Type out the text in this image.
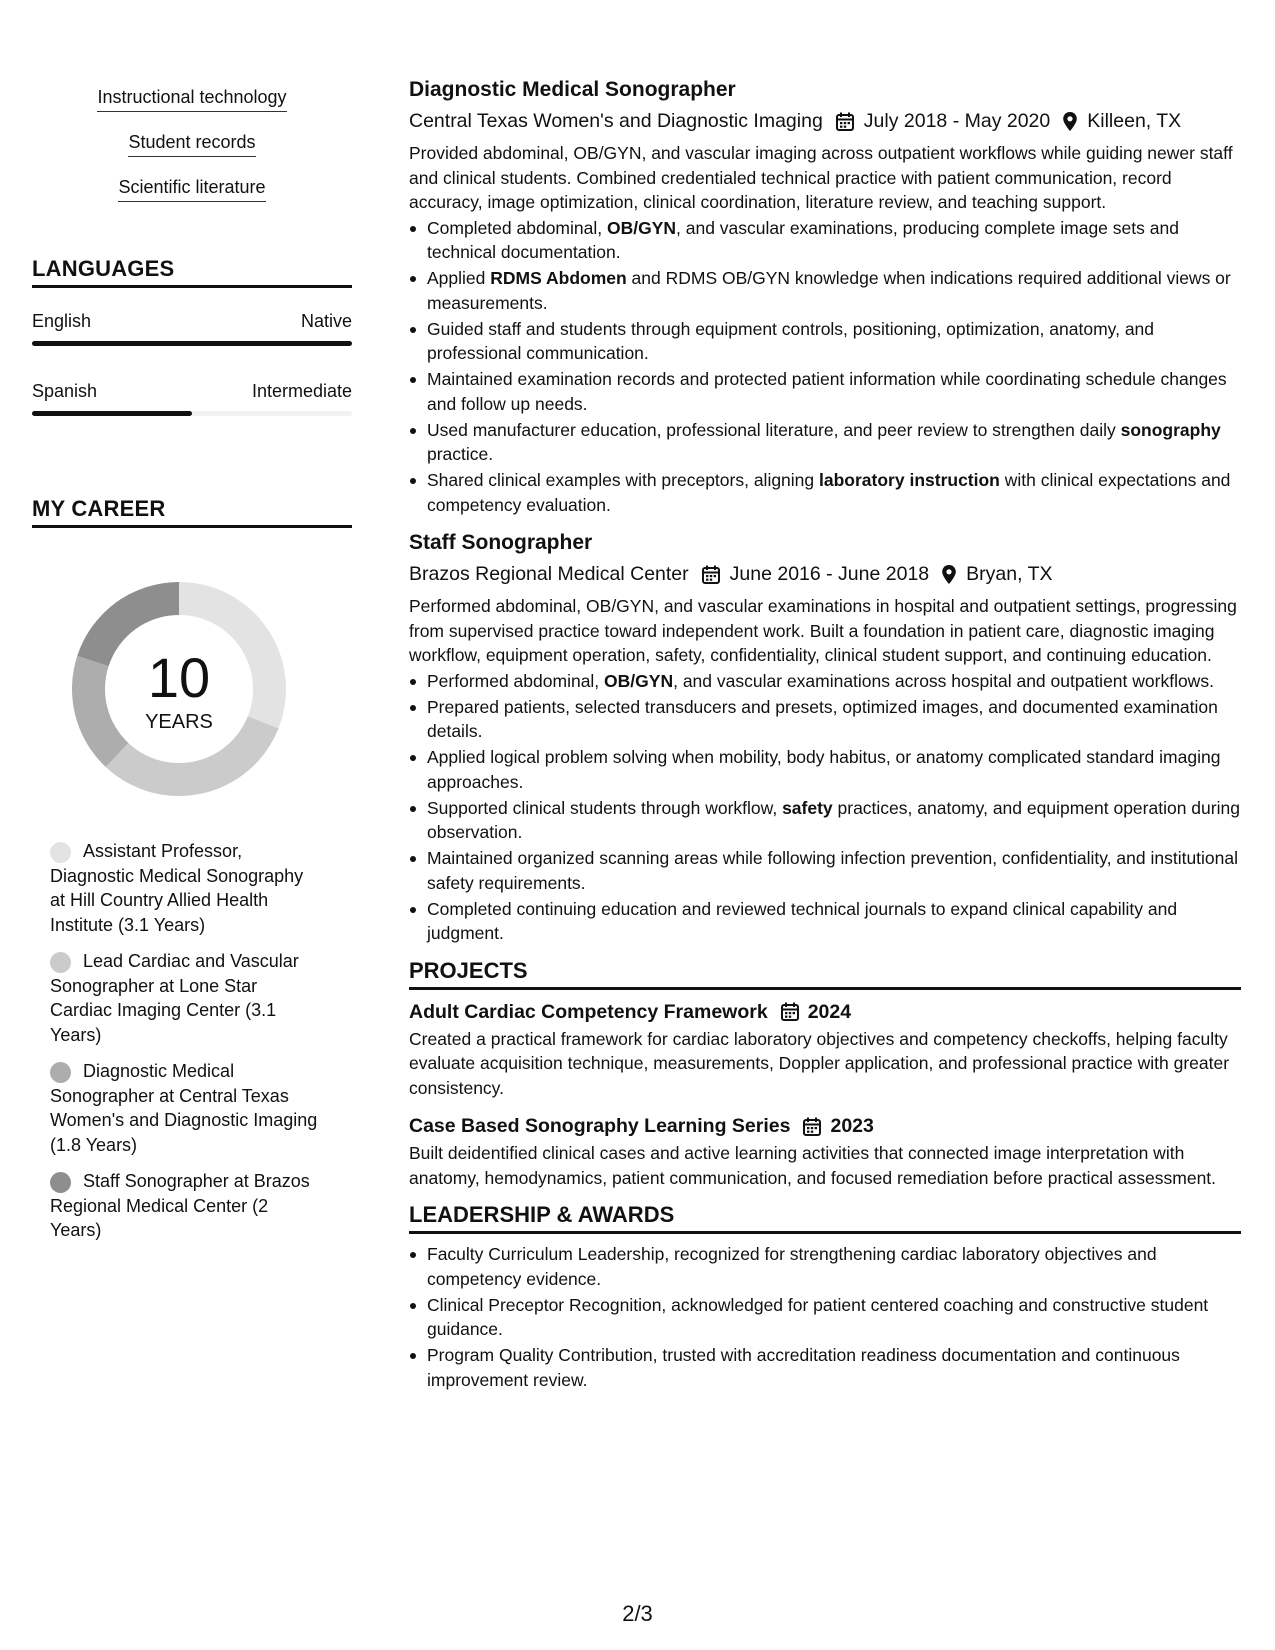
Instructional technology
Student records
Scientific literature
LANGUAGES
English	Native
Spanish	Intermediate
MY CAREER
10
YEARS
Assistant Professor, Diagnostic Medical Sonography at Hill Country Allied Health Institute (3.1 Years)
Lead Cardiac and Vascular Sonographer at Lone Star Cardiac Imaging Center (3.1 Years)
Diagnostic Medical Sonographer at Central Texas Women's and Diagnostic Imaging (1.8 Years)
Staff Sonographer at Brazos Regional Medical Center (2 Years)
Diagnostic Medical Sonographer
Central Texas Women's and Diagnostic Imaging July 2018 - May 2020 Killeen, TX
Provided abdominal, OB/GYN, and vascular imaging across outpatient workflows while guiding newer staff and clinical students. Combined credentialed technical practice with patient communication, record accuracy, image optimization, clinical coordination, literature review, and teaching support.
Completed abdominal, OB/GYN, and vascular examinations, producing complete image sets and technical documentation.
Applied RDMS Abdomen and RDMS OB/GYN knowledge when indications required additional views or measurements.
Guided staff and students through equipment controls, positioning, optimization, anatomy, and professional communication.
Maintained examination records and protected patient information while coordinating schedule changes and follow up needs.
Used manufacturer education, professional literature, and peer review to strengthen daily sonography practice.
Shared clinical examples with preceptors, aligning laboratory instruction with clinical expectations and competency evaluation.
Staff Sonographer
Brazos Regional Medical Center June 2016 - June 2018 Bryan, TX
Performed abdominal, OB/GYN, and vascular examinations in hospital and outpatient settings, progressing from supervised practice toward independent work. Built a foundation in patient care, diagnostic imaging workflow, equipment operation, safety, confidentiality, clinical student support, and continuing education.
Performed abdominal, OB/GYN, and vascular examinations across hospital and outpatient workflows.
Prepared patients, selected transducers and presets, optimized images, and documented examination details.
Applied logical problem solving when mobility, body habitus, or anatomy complicated standard imaging approaches.
Supported clinical students through workflow, safety practices, anatomy, and equipment operation during observation.
Maintained organized scanning areas while following infection prevention, confidentiality, and institutional safety requirements.
Completed continuing education and reviewed technical journals to expand clinical capability and judgment.
PROJECTS
Adult Cardiac Competency Framework 2024
Created a practical framework for cardiac laboratory objectives and competency checkoffs, helping faculty evaluate acquisition technique, measurements, Doppler application, and professional practice with greater consistency.
Case Based Sonography Learning Series 2023
Built deidentified clinical cases and active learning activities that connected image interpretation with anatomy, hemodynamics, patient communication, and focused remediation before practical assessment.
LEADERSHIP & AWARDS
Faculty Curriculum Leadership, recognized for strengthening cardiac laboratory objectives and competency evidence.
Clinical Preceptor Recognition, acknowledged for patient centered coaching and constructive student guidance.
Program Quality Contribution, trusted with accreditation readiness documentation and continuous improvement review.
2/3
